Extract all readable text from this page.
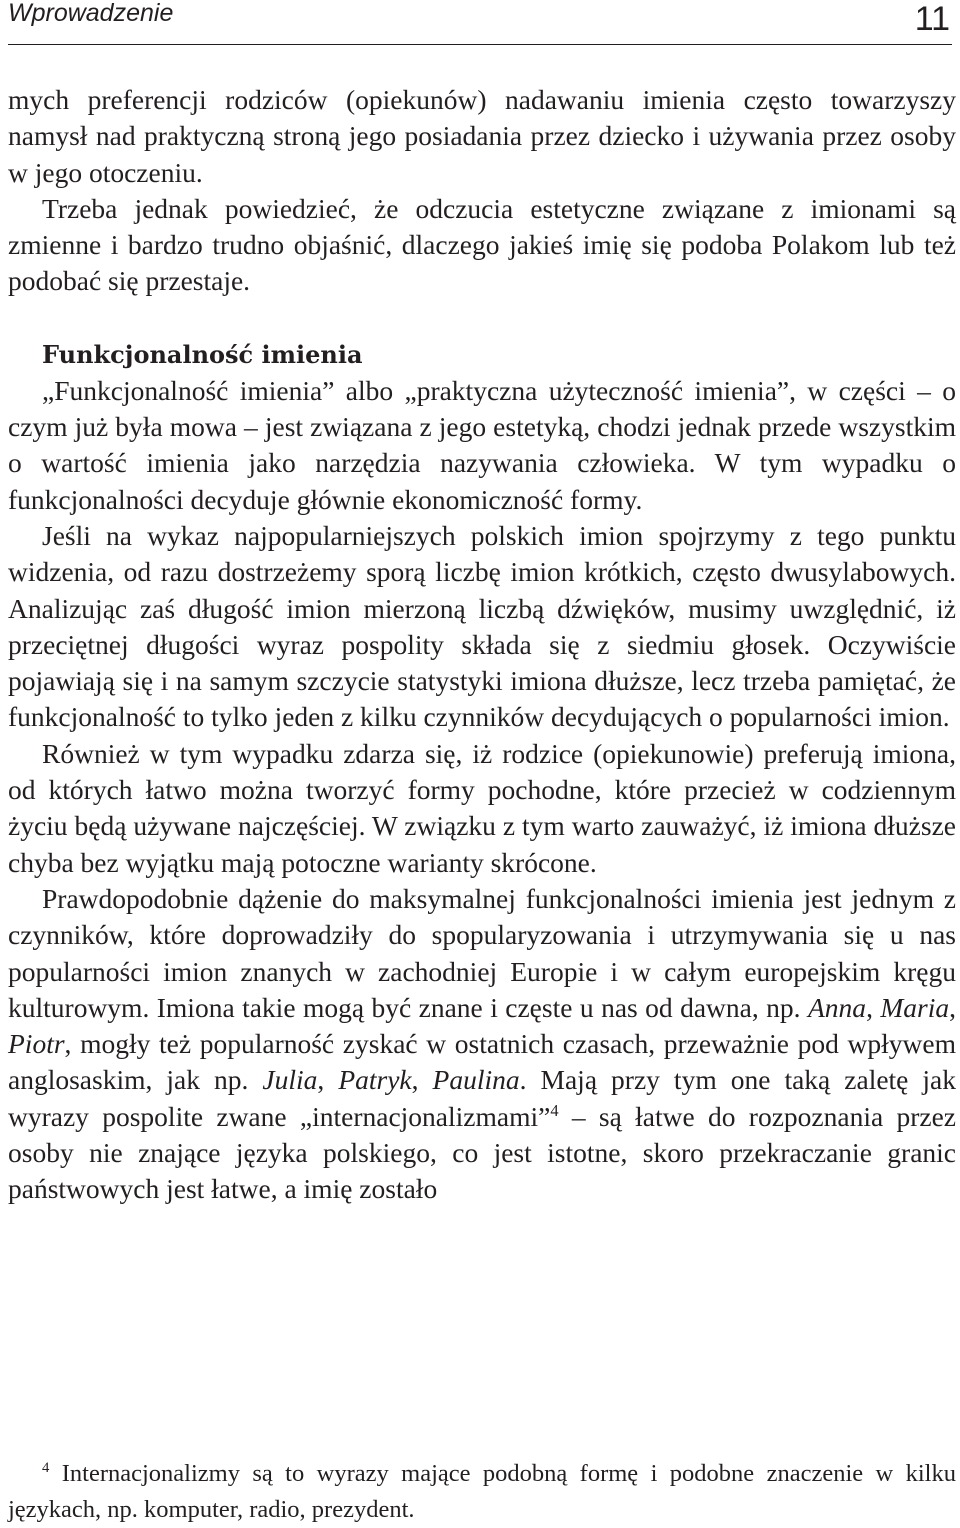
Wprowadzenie	11

mych preferencji rodziców (opiekunów) nadawaniu imienia często towarzyszy namysł nad praktyczną stroną jego posiadania przez dziecko i używania przez osoby w jego otoczeniu.

Trzeba jednak powiedzieć, że odczucia estetyczne związane z imionami są zmienne i bardzo trudno objaśnić, dlaczego jakieś imię się podoba Polakom lub też podobać się przestaje.

Funkcjonalność imienia

„Funkcjonalność imienia” albo „praktyczna użyteczność imienia”, w części – o czym już była mowa – jest związana z jego estetyką, chodzi jednak przede wszystkim o wartość imienia jako narzędzia nazywania człowieka. W tym wypadku o funkcjonalności decyduje głównie ekonomiczność formy.

Jeśli na wykaz najpopularniejszych polskich imion spojrzymy z tego punktu widzenia, od razu dostrzeżemy sporą liczbę imion krótkich, często dwusylabowych. Analizując zaś długość imion mierzoną liczbą dźwięków, musimy uwzględnić, iż przeciętnej długości wyraz pospolity składa się z siedmiu głosek. Oczywiście pojawiają się i na samym szczycie statystyki imiona dłuższe, lecz trzeba pamiętać, że funkcjonalność to tylko jeden z kilku czynników decydujących o popularności imion.

Również w tym wypadku zdarza się, iż rodzice (opiekunowie) preferują imiona, od których łatwo można tworzyć formy pochodne, które przecież w codziennym życiu będą używane najczęściej. W związku z tym warto zauważyć, iż imiona dłuższe chyba bez wyjątku mają potoczne warianty skrócone.

Prawdopodobnie dążenie do maksymalnej funkcjonalności imienia jest jednym z czynników, które doprowadziły do spopularyzowania i utrzymywania się u nas popularności imion znanych w zachodniej Europie i w całym europejskim kręgu kulturowym. Imiona takie mogą być znane i częste u nas od dawna, np. Anna, Maria, Piotr, mogły też popularność zyskać w ostatnich czasach, przeważnie pod wpływem anglosaskim, jak np. Julia, Patryk, Paulina. Mają przy tym one taką zaletę jak wyrazy pospolite zwane „internacjonalizmami”$^4$ – są łatwe do rozpoznania przez osoby nie znające języka polskiego, co jest istotne, skoro przekraczanie granic państwowych jest łatwe, a imię zostało

$^4$ Internacjonalizmy są to wyrazy mające podobną formę i podobne znaczenie w kilku językach, np. komputer, radio, prezydent.
